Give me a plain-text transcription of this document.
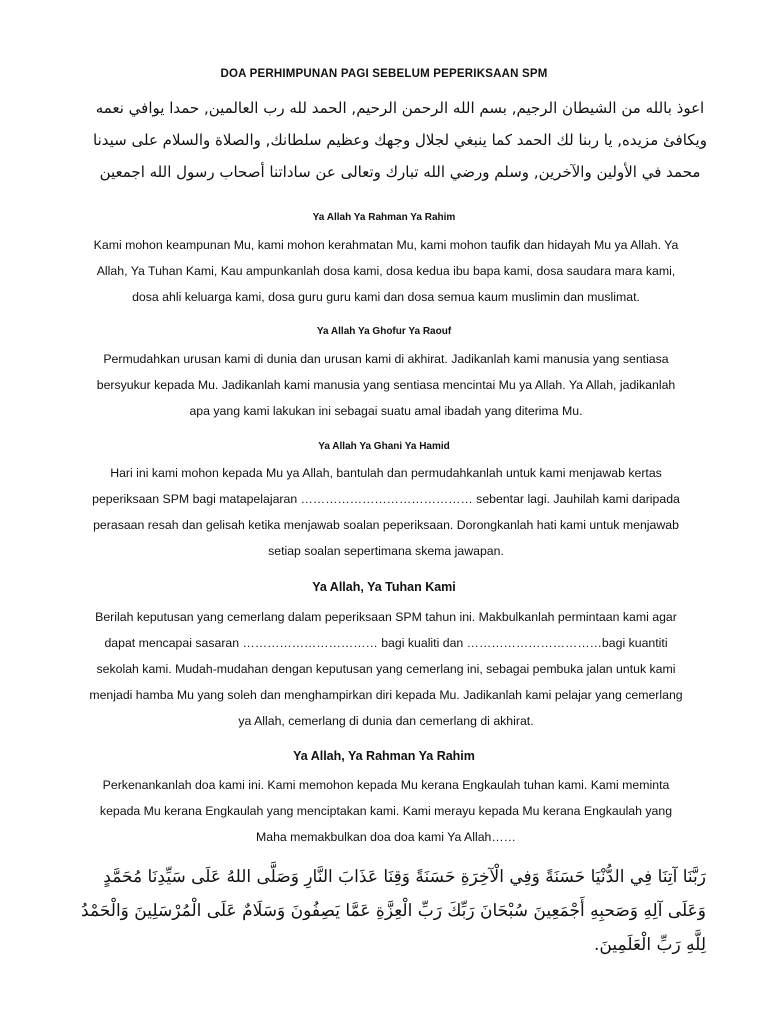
DOA PERHIMPUNAN PAGI SEBELUM PEPERIKSAAN SPM
اعوذ بالله من الشيطان الرجيم, بسم الله الرحمن الرحيم, الحمد لله رب العالمين, حمدا يوافي نعمه ويكافئ مزيده, يا ربنا لك الحمد كما ينبغي لجلال وجهك وعظيم سلطانك, والصلاة والسلام على سيدنا محمد في الأولين والآخرين, وسلم ورضي الله تبارك وتعالى عن ساداتنا أصحاب رسول الله اجمعين
Ya Allah Ya Rahman Ya Rahim
Kami mohon keampunan Mu, kami mohon kerahmatan Mu, kami mohon taufik dan hidayah Mu ya Allah. Ya Allah, Ya Tuhan Kami, Kau ampunkanlah dosa kami, dosa kedua ibu bapa kami, dosa saudara mara kami, dosa ahli keluarga kami, dosa guru guru kami dan dosa semua kaum muslimin dan muslimat.
Ya Allah Ya Ghofur Ya Raouf
Permudahkan urusan kami di dunia dan urusan kami di akhirat. Jadikanlah kami manusia yang sentiasa bersyukur kepada Mu. Jadikanlah kami manusia yang sentiasa mencintai Mu ya Allah. Ya Allah, jadikanlah apa yang kami lakukan ini sebagai suatu amal ibadah yang diterima Mu.
Ya Allah Ya Ghani Ya Hamid
Hari ini kami mohon kepada Mu ya Allah, bantulah dan permudahkanlah untuk kami menjawab kertas peperiksaan SPM bagi matapelajaran …………………………………… sebentar lagi. Jauhilah kami daripada perasaan resah dan gelisah ketika menjawab soalan peperiksaan. Dorongkanlah hati kami untuk menjawab setiap soalan sepertimana skema jawapan.
Ya Allah, Ya Tuhan Kami
Berilah keputusan yang cemerlang dalam peperiksaan SPM tahun ini. Makbulkanlah permintaan kami agar dapat mencapai sasaran …………………………… bagi kualiti dan ……………………………bagi kuantiti sekolah kami. Mudah-mudahan dengan keputusan yang cemerlang ini, sebagai pembuka jalan untuk kami menjadi hamba Mu yang soleh dan menghampirkan diri kepada Mu. Jadikanlah kami pelajar yang cemerlang ya Allah, cemerlang di dunia dan cemerlang di akhirat.
Ya Allah, Ya Rahman Ya Rahim
Perkenankanlah doa kami ini. Kami memohon kepada Mu kerana Engkaulah tuhan kami. Kami meminta kepada Mu kerana Engkaulah yang menciptakan kami. Kami merayu kepada Mu kerana Engkaulah yang Maha memakbulkan doa doa kami Ya Allah……
رَبَّنَا آتِنَا فِي الدُّنْيَا حَسَنَةً وَفِي الْآخِرَةِ حَسَنَةً وَقِنَا عَذَابَ النَّارِ وَصَلَّى اللهُ عَلَى سَيِّدِنَا مُحَمَّدٍ وَعَلَى آلِهِ وَصَحبِهِ أَجْمَعِينَ سُبْحَانَ رَبِّكَ رَبِّ الْعِزَّةِ عَمَّا يَصِفُونَ وَسَلَامٌ عَلَى الْمُرْسَلِينَ وَالْحَمْدُ لِلَّهِ رَبِّ الْعَلَمِينَ.
